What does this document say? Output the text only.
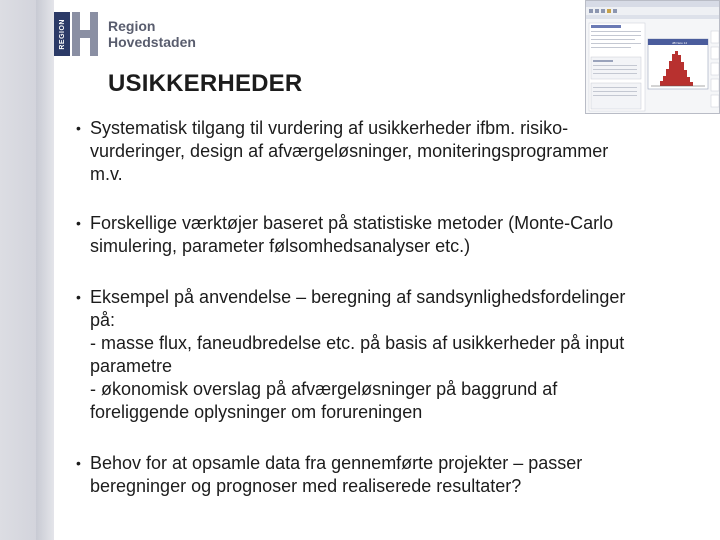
REGION	Region
Hovedstaden	dB Neto 14
USIKKERHEDER
• Systematisk tilgang til vurdering af usikkerheder ifbm. risiko-
vurderinger, design af afværgeløsninger, moniteringsprogrammer
m.v.
• Forskellige værktøjer baseret på statistiske metoder (Monte-Carlo
simulering, parameter følsomhedsanalyser etc.)
• Eksempel på anvendelse – beregning af sandsynlighedsfordelinger
på:
- masse flux, faneudbredelse etc. på basis af usikkerheder på input
parametre
- økonomisk overslag på afværgeløsninger på baggrund af
foreliggende oplysninger om forureningen
• Behov for at opsamle data fra gennemførte projekter – passer
beregninger og prognoser med realiserede resultater?
